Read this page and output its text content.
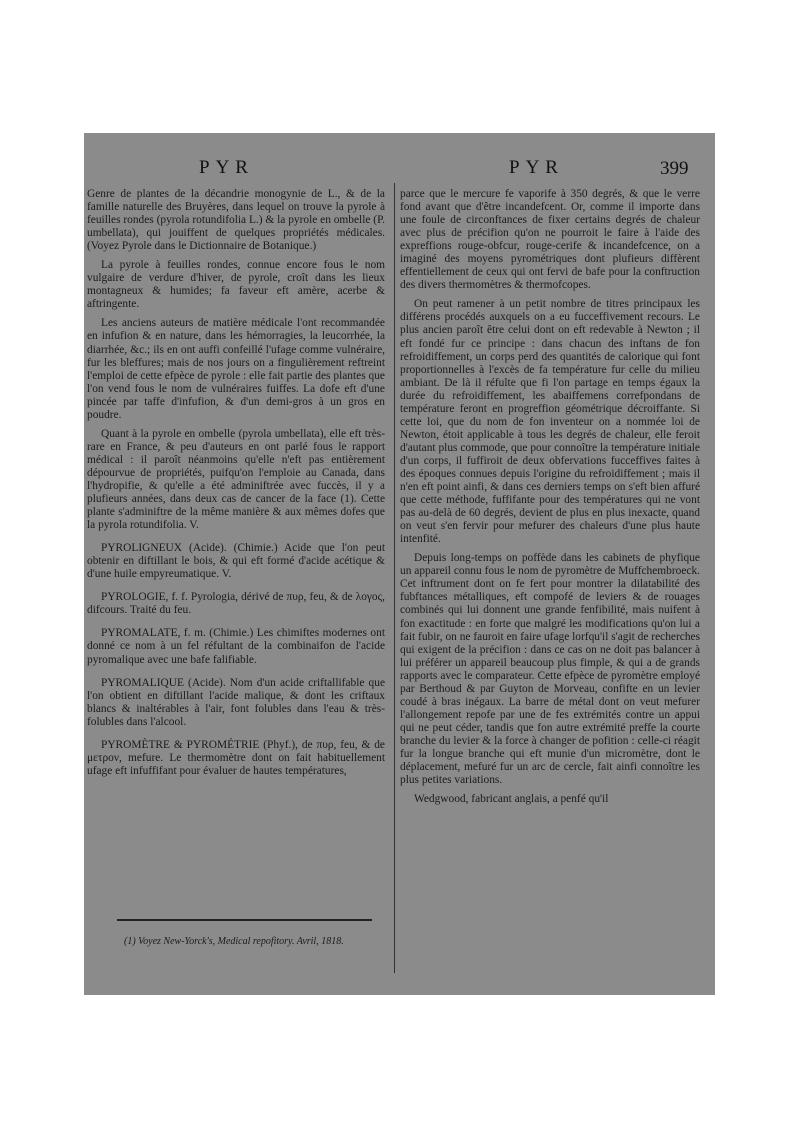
PYR	PYR	399

Genre de plantes de la décandrie monogynie de L., & de la famille naturelle des Bruyères, dans lequel on trouve la pyrole à feuilles rondes (pyrola rotundifolia L.) & la pyrole en ombelle (P. umbellata), qui jouiffent de quelques propriétés médicales. (Voyez Pyrole dans le Dictionnaire de Botanique.)

La pyrole à feuilles rondes, connue encore fous le nom vulgaire de verdure d'hiver, de pyrole, croît dans les lieux montagneux & humides; fa faveur eft amère, acerbe & aftringente.

Les anciens auteurs de matière médicale l'ont recommandée en infufion & en nature, dans les hémorragies, la leucorrhée, la diarrhée, &c.; ils en ont auffi confeillé l'ufage comme vulnéraire, fur les bleffures; mais de nos jours on a fingulièrement reftreint l'emploi de cette efpèce de pyrole : elle fait partie des plantes que l'on vend fous le nom de vulnéraires fuiffes. La dofe eft d'une pincée par taffe d'infufion, & d'un demi-gros à un gros en poudre.

Quant à la pyrole en ombelle (pyrola umbellata), elle eft très-rare en France, & peu d'auteurs en ont parlé fous le rapport médical : il paroît néanmoins qu'elle n'eft pas entièrement dépourvue de propriétés, puifqu'on l'emploie au Canada, dans l'hydropifie, & qu'elle a été adminiftrée avec fuccès, il y a plufieurs années, dans deux cas de cancer de la face (1). Cette plante s'adminiftre de la même manière & aux mêmes dofes que la pyrola rotundifolia. V.

PYROLIGNEUX (Acide). (Chimie.) Acide que l'on peut obtenir en diftillant le bois, & qui eft formé d'acide acétique & d'une huile empyreumatique. V.

PYROLOGIE, f. f. Pyrologia, dérivé de πυρ, feu, & de λογος, difcours. Traité du feu.

PYROMALATE, f. m. (Chimie.) Les chimiftes modernes ont donné ce nom à un fel réfultant de la combinaifon de l'acide pyromalique avec une bafe falifiable.

PYROMALIQUE (Acide). Nom d'un acide criftallifable que l'on obtient en diftillant l'acide malique, & dont les criftaux blancs & inaltérables à l'air, font folubles dans l'eau & très-folubles dans l'alcool.

PYROMÈTRE & PYROMÉTRIE (Phyf.), de πυρ, feu, & de μετρον, mefure. Le thermomètre dont on fait habituellement ufage eft infuffifant pour évaluer de hautes températures,

parce que le mercure fe vaporife à 350 degrés, & que le verre fond avant que d'être incandefcent. Or, comme il importe dans une foule de circonftances de fixer certains degrés de chaleur avec plus de précifion qu'on ne pourroit le faire à l'aide des expreffions rouge-obfcur, rouge-cerife & incandefcence, on a imaginé des moyens pyrométriques dont plufieurs diffèrent effentiellement de ceux qui ont fervi de bafe pour la conftruction des divers thermomètres & thermofcopes.

On peut ramener à un petit nombre de titres principaux les différens procédés auxquels on a eu fucceffivement recours. Le plus ancien paroît être celui dont on eft redevable à Newton ; il eft fondé fur ce principe : dans chacun des inftans de fon refroidiffement, un corps perd des quantités de calorique qui font proportionnelles à l'excès de fa température fur celle du milieu ambiant. De là il réfulte que fi l'on partage en temps égaux la durée du refroidiffement, les abaiffemens correfpondans de température feront en progreffion géométrique décroiffante. Si cette loi, que du nom de fon inventeur on a nommée loi de Newton, étoit applicable à tous les degrés de chaleur, elle feroit d'autant plus commode, que pour connoître la température initiale d'un corps, il fuffiroit de deux obfervations fucceffives faites à des époques connues depuis l'origine du refroidiffement ; mais il n'en eft point ainfi, & dans ces derniers temps on s'eft bien affuré que cette méthode, fuffifante pour des températures qui ne vont pas au-delà de 60 degrés, devient de plus en plus inexacte, quand on veut s'en fervir pour mefurer des chaleurs d'une plus haute intenfité.

Depuis long-temps on poffède dans les cabinets de phyfique un appareil connu fous le nom de pyromètre de Muffchembroeck. Cet inftrument dont on fe fert pour montrer la dilatabilité des fubftances métalliques, eft compofé de leviers & de rouages combinés qui lui donnent une grande fenfibilité, mais nuifent à fon exactitude : en forte que malgré les modifications qu'on lui a fait fubir, on ne fauroit en faire ufage lorfqu'il s'agit de recherches qui exigent de la précifion : dans ce cas on ne doit pas balancer à lui préférer un appareil beaucoup plus fimple, & qui a de grands rapports avec le comparateur. Cette efpèce de pyromètre employé par Berthoud & par Guyton de Morveau, confifte en un levier coudé à bras inégaux. La barre de métal dont on veut mefurer l'allongement repofe par une de fes extrémités contre un appui qui ne peut céder, tandis que fon autre extrémité preffe la courte branche du levier & la force à changer de pofition : celle-ci réagit fur la longue branche qui eft munie d'un micromètre, dont le déplacement, mefuré fur un arc de cercle, fait ainfi connoître les plus petites variations.

Wedgwood, fabricant anglais, a penfé qu'il

(1) Voyez New-Yorck's, Medical repofitory. Avril, 1818.
